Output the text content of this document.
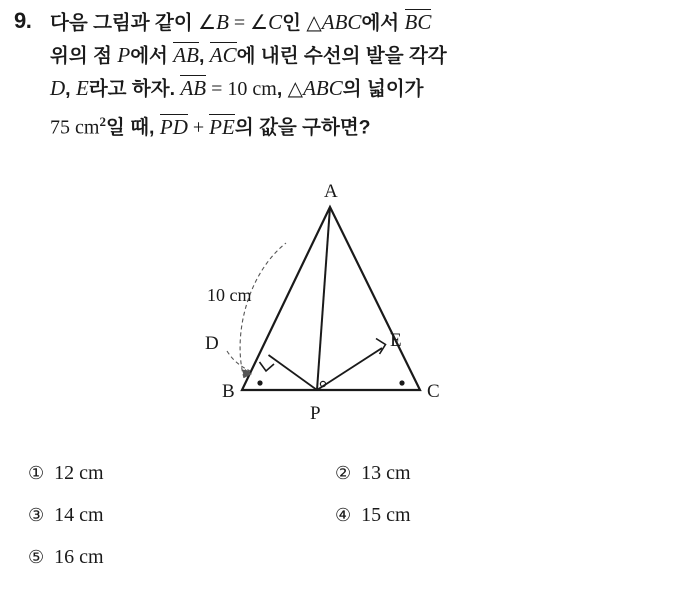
9. 다음 그림과 같이 ∠B = ∠C인 △ABC에서 BC
위의 점 P에서 AB, AC에 내린 수선의 발을 각각
D, E라고 하자. AB = 10 cm, △ABC의 넓이가
75 $cm^2$일 때, PD + PE의 값을 구하면?
A
B	C
D	E
P
10 cm
① 12 cm	② 13 cm
③ 14 cm	④ 15 cm
⑤ 16 cm
